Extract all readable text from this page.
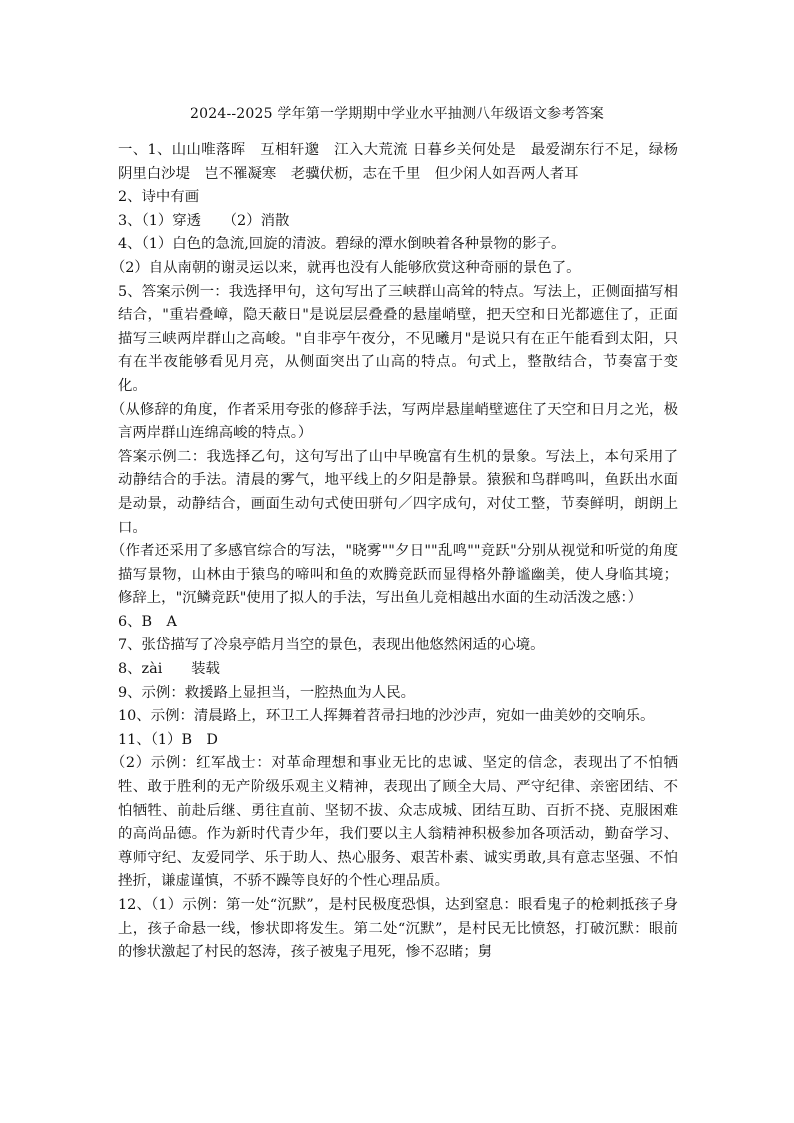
2024--2025 学年第一学期期中学业水平抽测八年级语文参考答案

一、1、山山唯落晖　互相轩邈　江入大荒流 日暮乡关何处是　最爱湖东行不足，绿杨阴里白沙堤　岂不罹凝寒　老骥伏枥，志在千里　但少闲人如吾两人者耳

2、诗中有画

3、（1）穿透　　（2）消散

4、（1）白色的急流,回旋的清波。碧绿的潭水倒映着各种景物的影子。

（2）自从南朝的谢灵运以来，就再也没有人能够欣赏这种奇丽的景色了。

5、答案示例一：我选择甲句，这句写出了三峡群山高耸的特点。写法上，正侧面描写相结合，"重岩叠嶂，隐天蔽日"是说层层叠叠的悬崖峭壁，把天空和日光都遮住了，正面描写三峡两岸群山之高峻。"自非亭午夜分，不见曦月"是说只有在正午能看到太阳，只有在半夜能够看见月亮，从侧面突出了山高的特点。句式上，整散结合，节奏富于变化。

（从修辞的角度，作者采用夸张的修辞手法，写两岸悬崖峭壁遮住了天空和日月之光，极言两岸群山连绵高峻的特点。）

答案示例二：我选择乙句，这句写出了山中早晚富有生机的景象。写法上，本句采用了动静结合的手法。清晨的雾气，地平线上的夕阳是静景。猿猴和鸟群鸣叫，鱼跃出水面是动景，动静结合，画面生动句式使田骈句／四字成句，对仗工整，节奏鲜明，朗朗上口。

（作者还采用了多感官综合的写法，"晓雾""夕日""乱鸣""竞跃"分别从视觉和听觉的角度描写景物，山林由于猿鸟的啼叫和鱼的欢腾竞跃而显得格外静谧幽美，使人身临其境；修辞上，"沉鳞竞跃"使用了拟人的手法，写出鱼儿竞相越出水面的生动活泼之感：）

6、B　A

7、张岱描写了冷泉亭皓月当空的景色，表现出他悠然闲适的心境。

8、zài　　装载

9、示例：救援路上显担当，一腔热血为人民。

10、示例：清晨路上，环卫工人挥舞着苕帚扫地的沙沙声，宛如一曲美妙的交响乐。

11、（1）B　D

（2）示例：红军战士：对革命理想和事业无比的忠诚、坚定的信念，表现出了不怕牺牲、敢于胜利的无产阶级乐观主义精神，表现出了顾全大局、严守纪律、亲密团结、不怕牺牲、前赴后继、勇往直前、坚韧不拔、众志成城、团结互助、百折不挠、克服困难的高尚品德。作为新时代青少年，我们要以主人翁精神积极参加各项活动，勤奋学习、尊师守纪、友爱同学、乐于助人、热心服务、艰苦朴素、诚实勇敢,具有意志坚强、不怕挫折，谦虚谨慎，不骄不躁等良好的个性心理品质。

12、（1）示例：第一处“沉默”，是村民极度恐惧，达到窒息：眼看鬼子的枪刺抵孩子身上，孩子命悬一线，惨状即将发生。第二处“沉默”，是村民无比愤怒，打破沉默：眼前的惨状激起了村民的怒涛，孩子被鬼子甩死，惨不忍睹；舅
